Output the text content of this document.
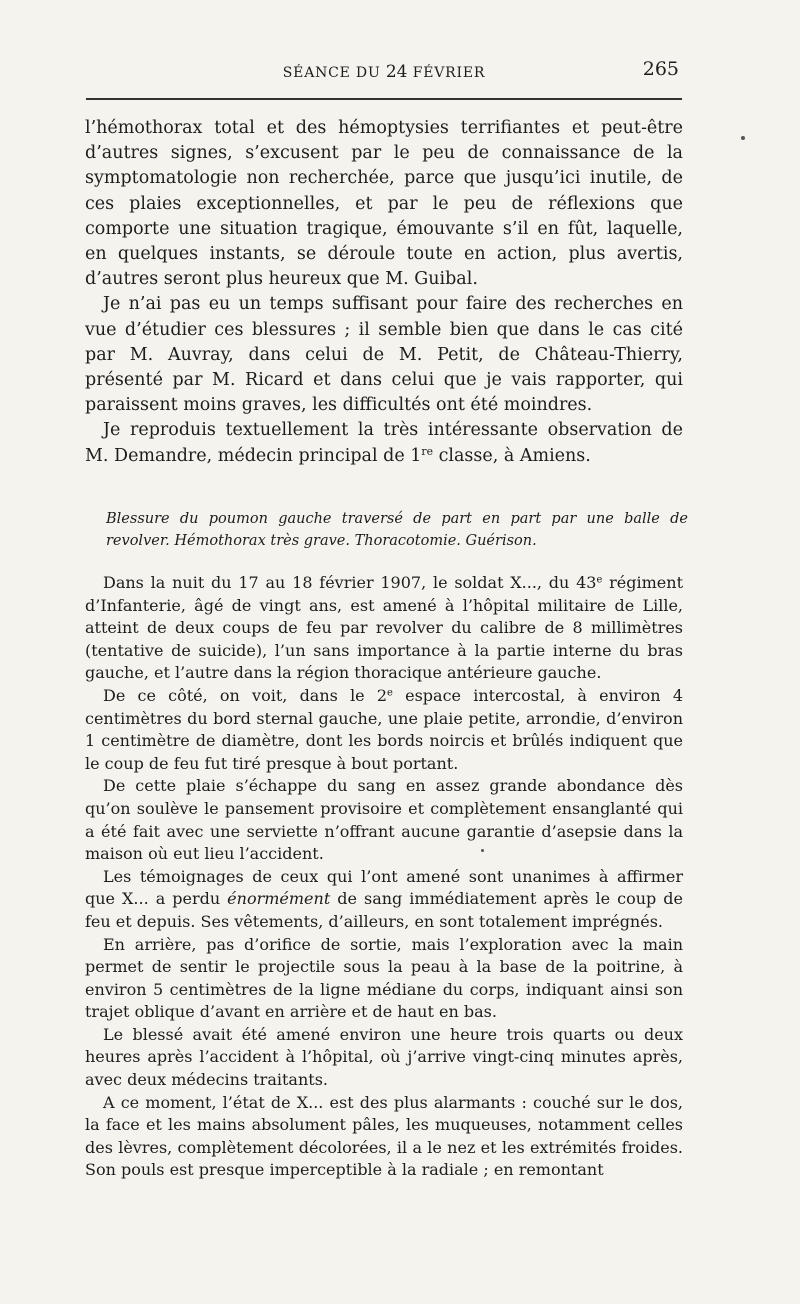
SÉANCE DU 24 FÉVRIER	265

l’hémothorax total et des hémoptysies terrifiantes et peut-être d’autres signes, s’excusent par le peu de connaissance de la symptomatologie non recherchée, parce que jusqu’ici inutile, de ces plaies exceptionnelles, et par le peu de réflexions que comporte une situation tragique, émouvante s’il en fût, laquelle, en quelques instants, se déroule toute en action, plus avertis, d’autres seront plus heureux que M. Guibal.

Je n’ai pas eu un temps suffisant pour faire des recherches en vue d’étudier ces blessures ; il semble bien que dans le cas cité par M. Auvray, dans celui de M. Petit, de Château-Thierry, présenté par M. Ricard et dans celui que je vais rapporter, qui paraissent moins graves, les difficultés ont été moindres.

Je reproduis textuellement la très intéressante observation de M. Demandre, médecin principal de 1re classe, à Amiens.

Blessure du poumon gauche traversé de part en part par une balle de revolver. Hémothorax très grave. Thoracotomie. Guérison.

Dans la nuit du 17 au 18 février 1907, le soldat X..., du 43e régiment d’Infanterie, âgé de vingt ans, est amené à l’hôpital militaire de Lille, atteint de deux coups de feu par revolver du calibre de 8 millimètres (tentative de suicide), l’un sans importance à la partie interne du bras gauche, et l’autre dans la région thoracique antérieure gauche.

De ce côté, on voit, dans le 2e espace intercostal, à environ 4 centimètres du bord sternal gauche, une plaie petite, arrondie, d’environ 1 centimètre de diamètre, dont les bords noircis et brûlés indiquent que le coup de feu fut tiré presque à bout portant.

De cette plaie s’échappe du sang en assez grande abondance dès qu’on soulève le pansement provisoire et complètement ensanglanté qui a été fait avec une serviette n’offrant aucune garantie d’asepsie dans la maison où eut lieu l’accident.

Les témoignages de ceux qui l’ont amené sont unanimes à affirmer que X... a perdu énormément de sang immédiatement après le coup de feu et depuis. Ses vêtements, d’ailleurs, en sont totalement imprégnés.

En arrière, pas d’orifice de sortie, mais l’exploration avec la main permet de sentir le projectile sous la peau à la base de la poitrine, à environ 5 centimètres de la ligne médiane du corps, indiquant ainsi son trajet oblique d’avant en arrière et de haut en bas.

Le blessé avait été amené environ une heure trois quarts ou deux heures après l’accident à l’hôpital, où j’arrive vingt-cinq minutes après, avec deux médecins traitants.

A ce moment, l’état de X... est des plus alarmants : couché sur le dos, la face et les mains absolument pâles, les muqueuses, notamment celles des lèvres, complètement décolorées, il a le nez et les extrémités froides. Son pouls est presque imperceptible à la radiale ; en remontant
